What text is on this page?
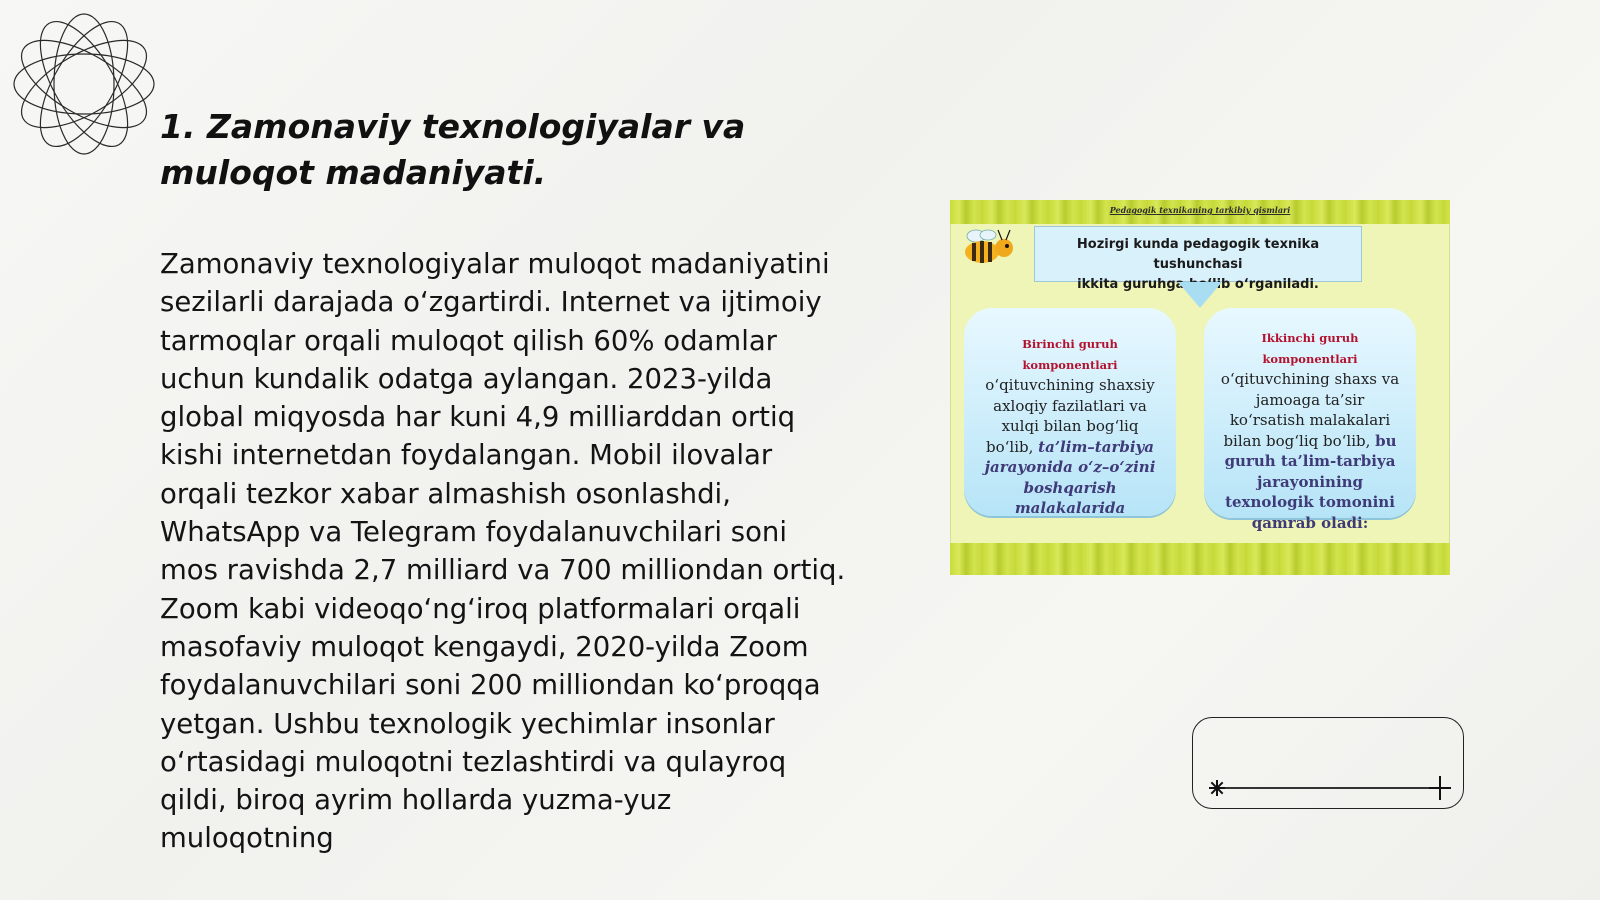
1. Zamonaviy texnologiyalar va
muloqot madaniyati.

Zamonaviy texnologiyalar muloqot madaniyatini sezilarli darajada o‘zgartirdi. Internet va ijtimoiy tarmoqlar orqali muloqot qilish 60% odamlar uchun kundalik odatga aylangan. 2023-yilda global miqyosda har kuni 4,9 milliarddan ortiq kishi internetdan foydalangan. Mobil ilovalar orqali tezkor xabar almashish osonlashdi, WhatsApp va Telegram foydalanuvchilari soni mos ravishda 2,7 milliard va 700 milliondan ortiq. Zoom kabi videoqo‘ng‘iroq platformalari orqali masofaviy muloqot kengaydi, 2020-yilda Zoom foydalanuvchilari soni 200 milliondan ko‘proqqa yetgan. Ushbu texnologik yechimlar insonlar o‘rtasidagi muloqotni tezlashtirdi va qulayroq qildi, biroq ayrim hollarda yuzma-yuz muloqotning

Pedagogik texnikaning tarkibiy qismlari
Hozirgi kunda pedagogik texnika tushunchasi
ikkita guruhga bo‘lib o‘rganiladi.
Birinchi guruh komponentlari
o‘qituvchining shaxsiy axloqiy fazilatlari va xulqi bilan bog‘liq bo‘lib, ta’lim–tarbiya jarayonida o‘z–o‘zini boshqarish malakalarida
Ikkinchi guruh komponentlari
o‘qituvchining shaxs va jamoaga ta’sir ko‘rsatish malakalari bilan bog‘liq bo‘lib, bu guruh ta’lim-tarbiya jarayonining texnologik tomonini qamrab oladi:
